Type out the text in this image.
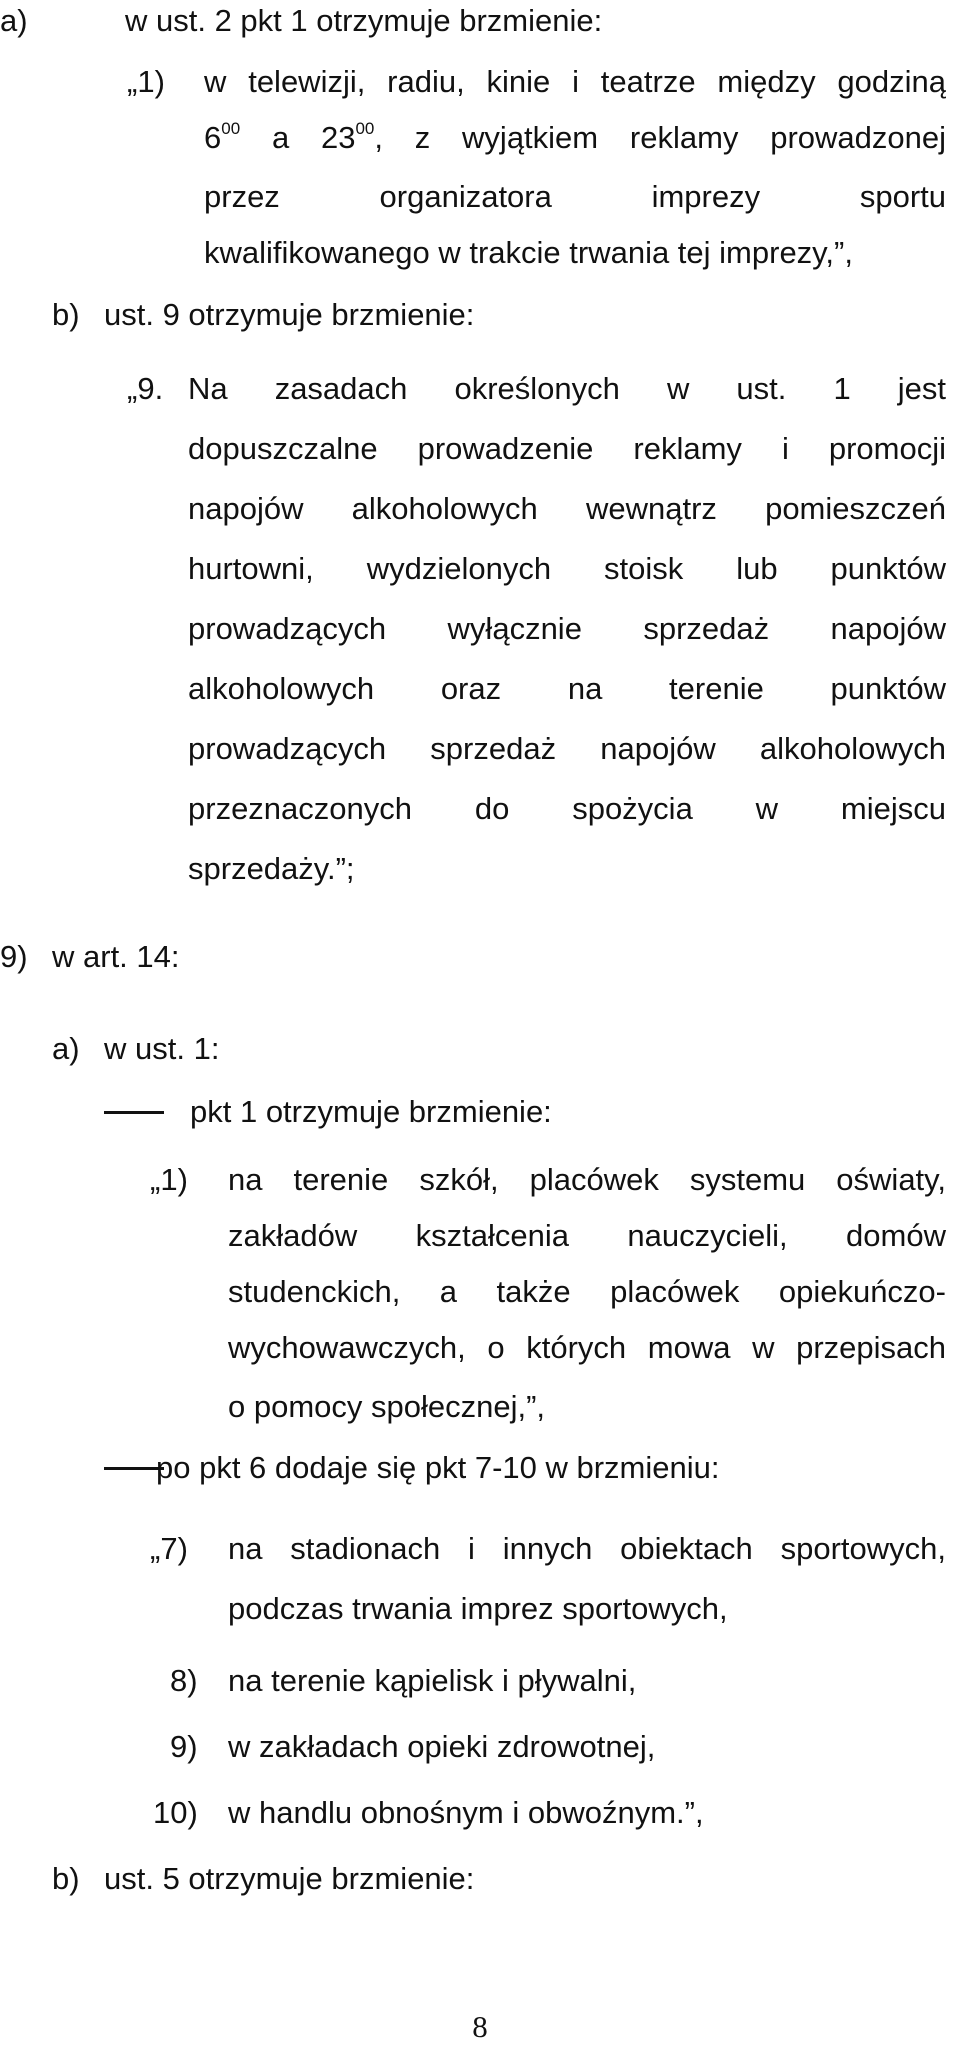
a)	w ust. 2 pkt 1 otrzymuje brzmienie:
„1) w telewizji, radiu, kinie i teatrze między godziną
$6^{00}$ a $23^{00}$, z wyjątkiem reklamy prowadzonej
przez organizatora imprezy sportu
kwalifikowanego w trakcie trwania tej imprezy,”,
b) ust. 9 otrzymuje brzmienie:
„9. Na zasadach określonych w ust. 1 jest
dopuszczalne prowadzenie reklamy i promocji
napojów alkoholowych wewnątrz pomieszczeń
hurtowni, wydzielonych stoisk lub punktów
prowadzących wyłącznie sprzedaż napojów
alkoholowych oraz na terenie punktów
prowadzących sprzedaż napojów alkoholowych
przeznaczonych do spożycia w miejscu
sprzedaży.”;
9) w art. 14:
a) w ust. 1:
pkt 1 otrzymuje brzmienie:
„1) na terenie szkół, placówek systemu oświaty,
zakładów kształcenia nauczycieli, domów
studenckich, a także placówek opiekuńczo-
wychowawczych, o których mowa w przepisach
o pomocy społecznej,”,
po pkt 6 dodaje się pkt 7-10 w brzmieniu:
„7) na stadionach i innych obiektach sportowych,
podczas trwania imprez sportowych,
8) na terenie kąpielisk i pływalni,
9) w zakładach opieki zdrowotnej,
10) w handlu obnośnym i obwoźnym.”,
b) ust. 5 otrzymuje brzmienie:
8
